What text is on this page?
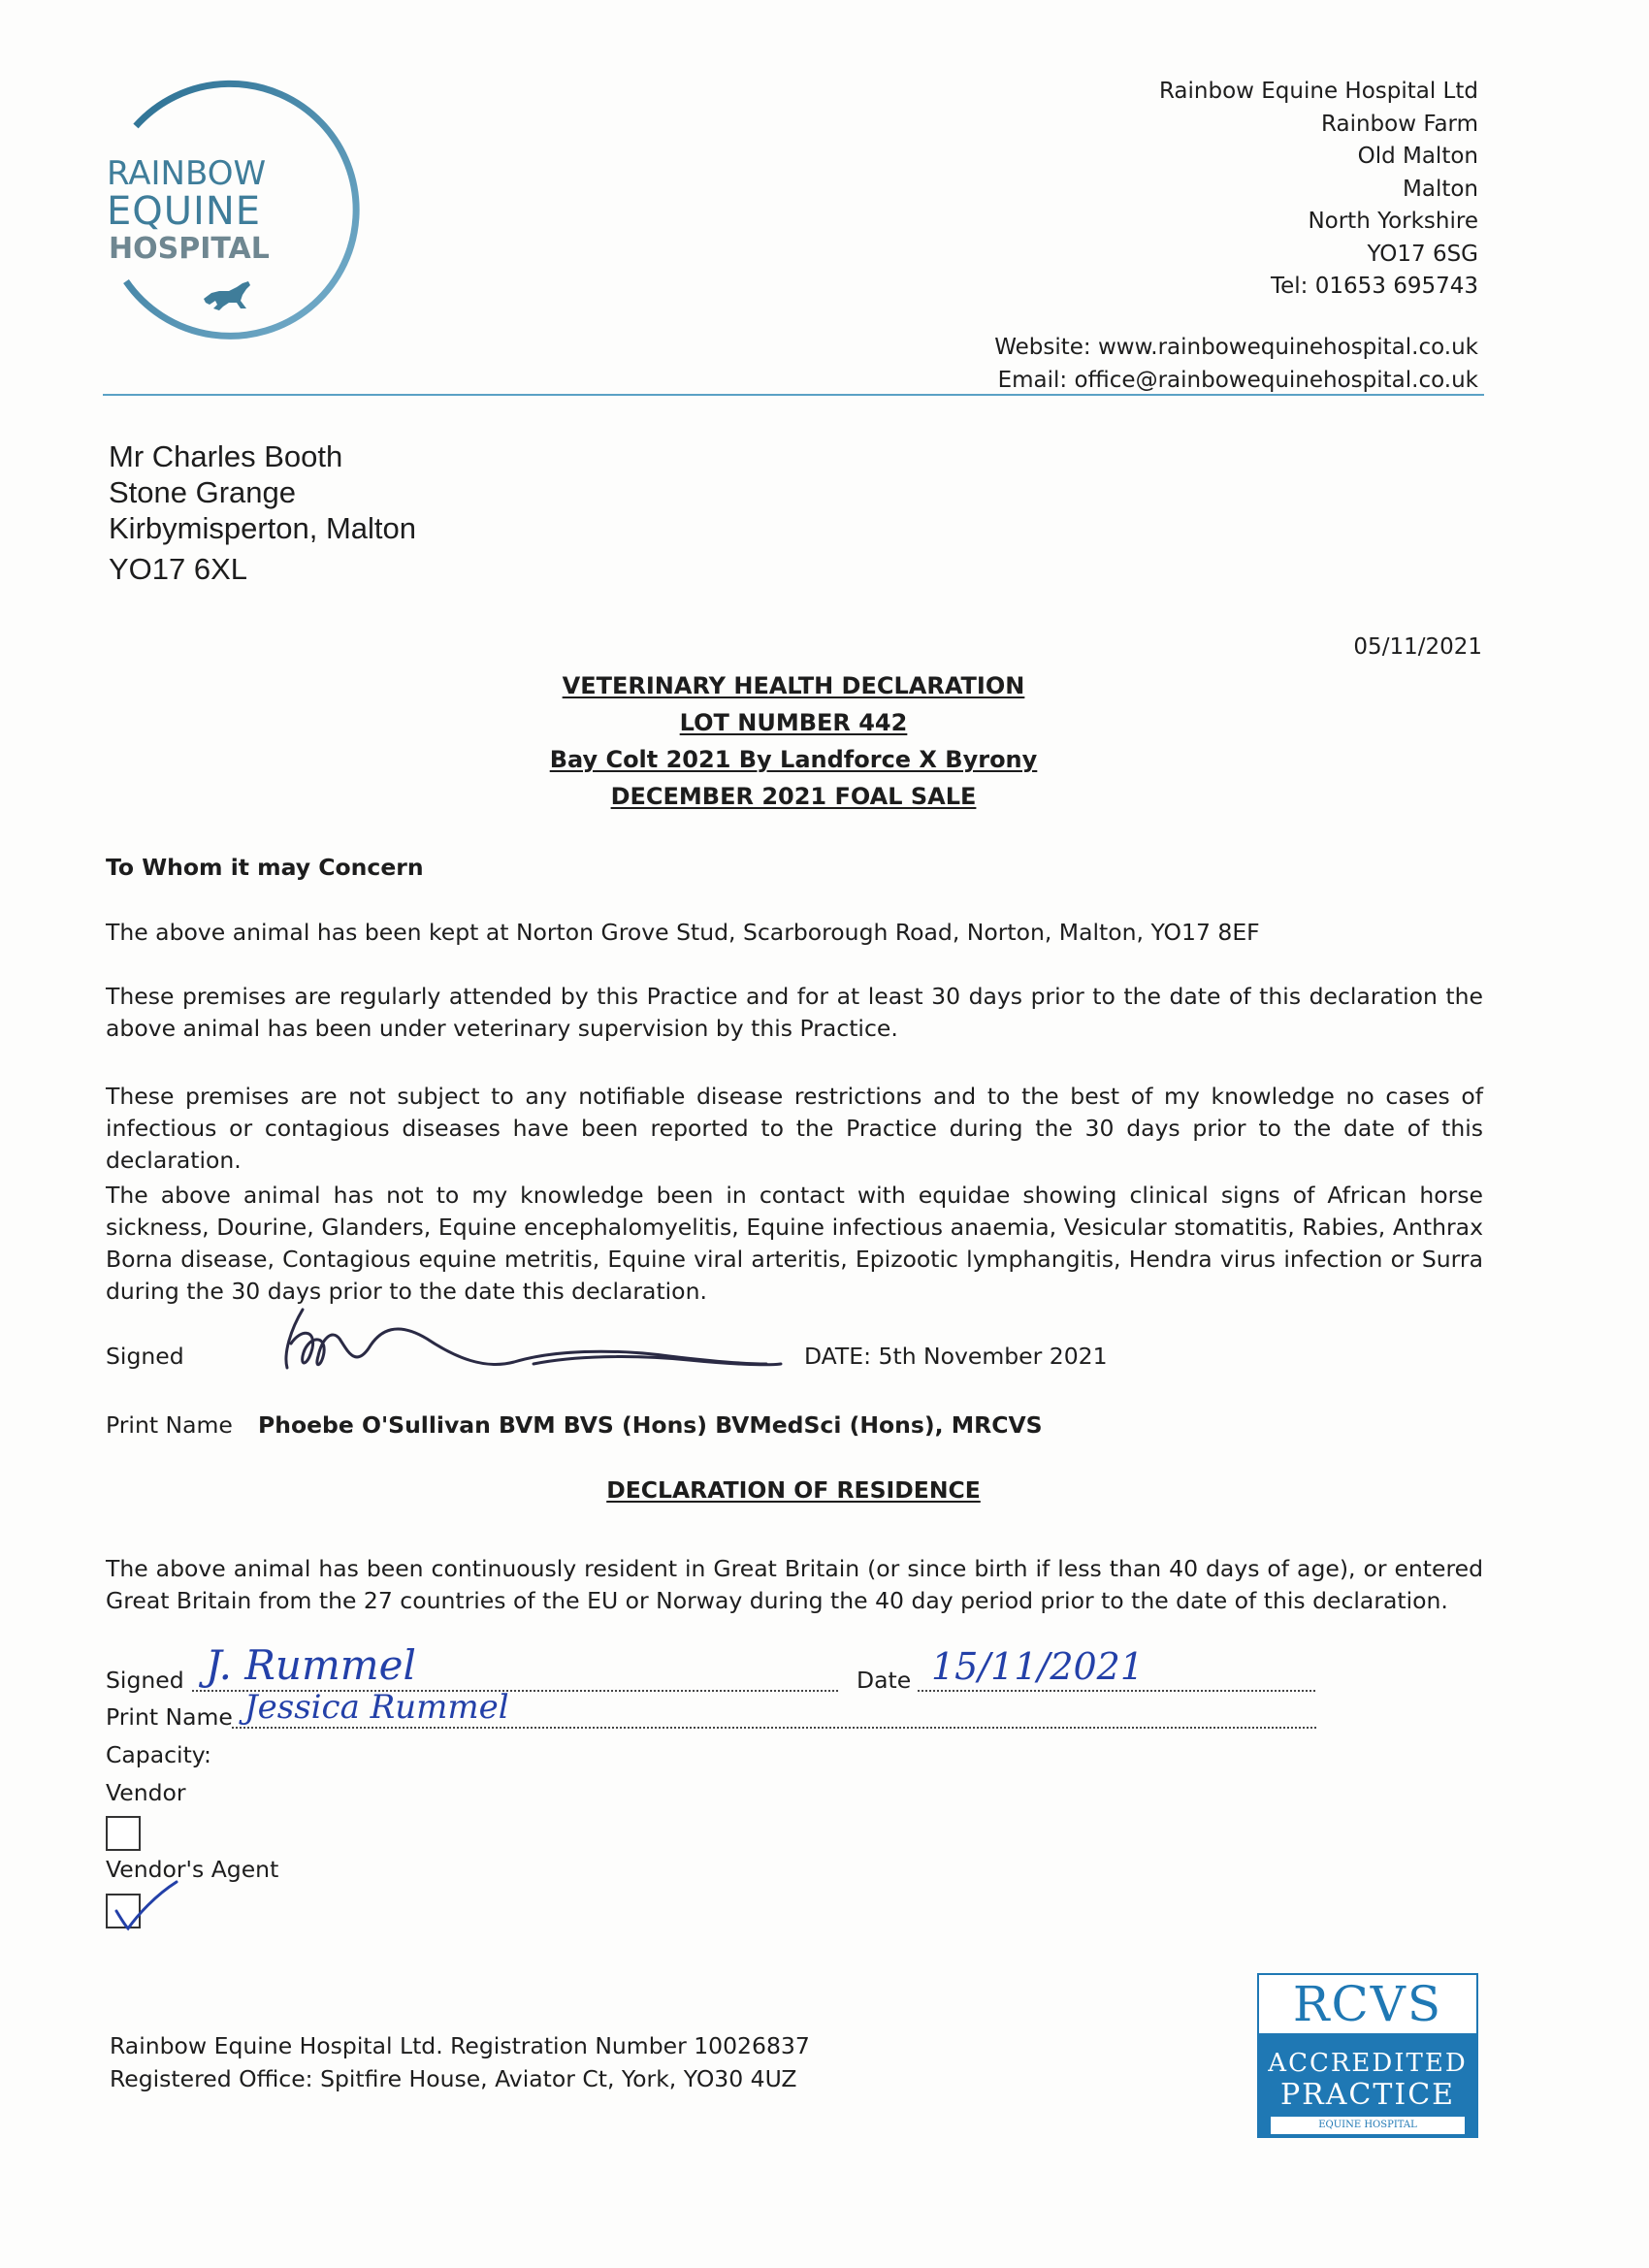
RAINBOW
EQUINE
HOSPITAL
Rainbow Equine Hospital Ltd
Rainbow Farm
Old Malton
Malton
North Yorkshire
YO17 6SG
Tel: 01653 695743
Website: www.rainbowequinehospital.co.uk
Email: office@rainbowequinehospital.co.uk
Mr Charles Booth
Stone Grange
Kirbymisperton, Malton
YO17 6XL
05/11/2021
VETERINARY HEALTH DECLARATION
LOT NUMBER 442
Bay Colt 2021 By Landforce X Byrony
DECEMBER 2021 FOAL SALE
To Whom it may Concern
The above animal has been kept at Norton Grove Stud, Scarborough Road, Norton, Malton, YO17 8EF
These premises are regularly attended by this Practice and for at least 30 days prior to the date of this declaration the above animal has been under veterinary supervision by this Practice.
These premises are not subject to any notifiable disease restrictions and to the best of my knowledge no cases of infectious or contagious diseases have been reported to the Practice during the 30 days prior to the date of this declaration.
The above animal has not to my knowledge been in contact with equidae showing clinical signs of African horse sickness, Dourine, Glanders, Equine encephalomyelitis, Equine infectious anaemia, Vesicular stomatitis, Rabies, Anthrax Borna disease, Contagious equine metritis, Equine viral arteritis, Epizootic lymphangitis, Hendra virus infection or Surra during the 30 days prior to the date this declaration.
Signed	DATE: 5th November 2021
Print Name Phoebe O'Sullivan BVM BVS (Hons) BVMedSci (Hons), MRCVS
DECLARATION OF RESIDENCE
The above animal has been continuously resident in Great Britain (or since birth if less than 40 days of age), or entered Great Britain from the 27 countries of the EU or Norway during the 40 day period prior to the date of this declaration.
Signed J. Rummel	Date 15/11/2021
Print Name Jessica Rummel
Capacity:
Vendor
Vendor's Agent
Rainbow Equine Hospital Ltd. Registration Number 10026837
Registered Office: Spitfire House, Aviator Ct, York, YO30 4UZ
RCVS
ACCREDITED
PRACTICE
EQUINE HOSPITAL
